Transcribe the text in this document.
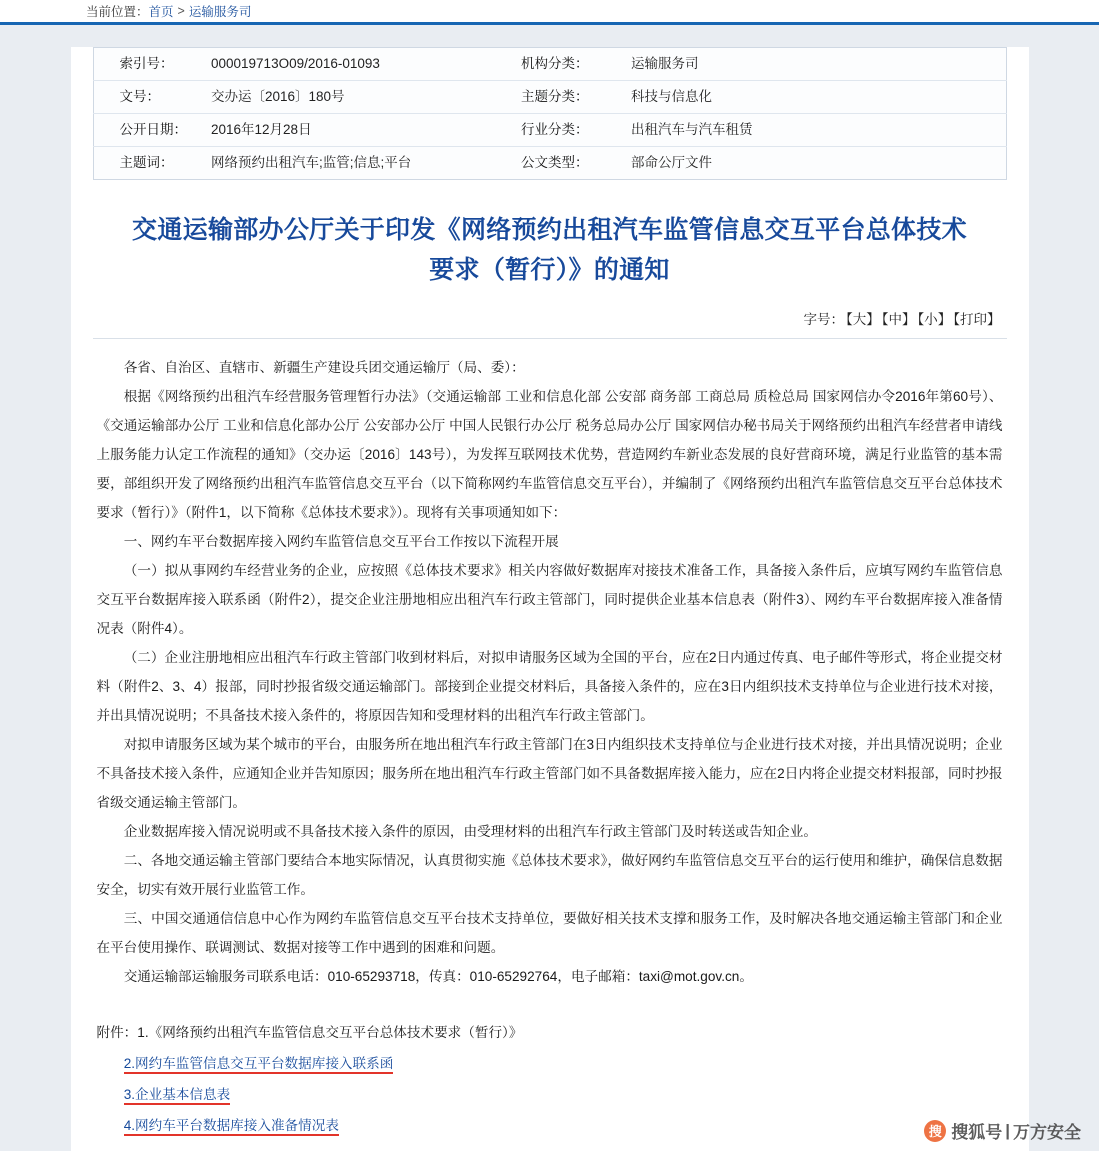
当前位置： 首页 > 运输服务司
索引号：	000019713O09/2016-01093	机构分类：	运输服务司
文号：	交办运〔2016〕180号	主题分类：	科技与信息化
公开日期：	2016年12月28日	行业分类：	出租汽车与汽车租赁
主题词：	网络预约出租汽车;监管;信息;平台	公文类型：	部命公厅文件
交通运输部办公厅关于印发《网络预约出租汽车监管信息交互平台总体技术要求（暂行）》的通知
字号： 【大】 【中】 【小】 【打印】

各省、自治区、直辖市、新疆生产建设兵团交通运输厅（局、委）：

根据《网络预约出租汽车经营服务管理暂行办法》（交通运输部 工业和信息化部 公安部 商务部 工商总局 质检总局 国家网信办令2016年第60号）、《交通运输部办公厅 工业和信息化部办公厅 公安部办公厅 中国人民银行办公厅 税务总局办公厅 国家网信办秘书局关于网络预约出租汽车经营者申请线上服务能力认定工作流程的通知》（交办运〔2016〕143号），为发挥互联网技术优势，营造网约车新业态发展的良好营商环境，满足行业监管的基本需要，部组织开发了网络预约出租汽车监管信息交互平台（以下简称网约车监管信息交互平台），并编制了《网络预约出租汽车监管信息交互平台总体技术要求（暂行）》（附件1，以下简称《总体技术要求》）。现将有关事项通知如下：

一、网约车平台数据库接入网约车监管信息交互平台工作按以下流程开展

（一）拟从事网约车经营业务的企业，应按照《总体技术要求》相关内容做好数据库对接技术准备工作，具备接入条件后，应填写网约车监管信息交互平台数据库接入联系函（附件2），提交企业注册地相应出租汽车行政主管部门，同时提供企业基本信息表（附件3）、网约车平台数据库接入准备情况表（附件4）。

（二）企业注册地相应出租汽车行政主管部门收到材料后，对拟申请服务区域为全国的平台，应在2日内通过传真、电子邮件等形式，将企业提交材料（附件2、3、4）报部，同时抄报省级交通运输部门。部接到企业提交材料后，具备接入条件的，应在3日内组织技术支持单位与企业进行技术对接，并出具情况说明；不具备技术接入条件的，将原因告知和受理材料的出租汽车行政主管部门。

对拟申请服务区域为某个城市的平台，由服务所在地出租汽车行政主管部门在3日内组织技术支持单位与企业进行技术对接，并出具情况说明；企业不具备技术接入条件，应通知企业并告知原因；服务所在地出租汽车行政主管部门如不具备数据库接入能力，应在2日内将企业提交材料报部，同时抄报省级交通运输主管部门。

企业数据库接入情况说明或不具备技术接入条件的原因，由受理材料的出租汽车行政主管部门及时转送或告知企业。

二、各地交通运输主管部门要结合本地实际情况，认真贯彻实施《总体技术要求》，做好网约车监管信息交互平台的运行使用和维护，确保信息数据安全，切实有效开展行业监管工作。

三、中国交通通信信息中心作为网约车监管信息交互平台技术支持单位，要做好相关技术支撑和服务工作，及时解决各地交通运输主管部门和企业在平台使用操作、联调测试、数据对接等工作中遇到的困难和问题。

交通运输部运输服务司联系电话：010-65293718，传真：010-65292764，电子邮箱：taxi@mot.gov.cn。

附件：1.《网络预约出租汽车监管信息交互平台总体技术要求（暂行）》
2.网约车监管信息交互平台数据库接入联系函
3.企业基本信息表
4.网约车平台数据库接入准备情况表	搜 搜狐号 | 万方安全
